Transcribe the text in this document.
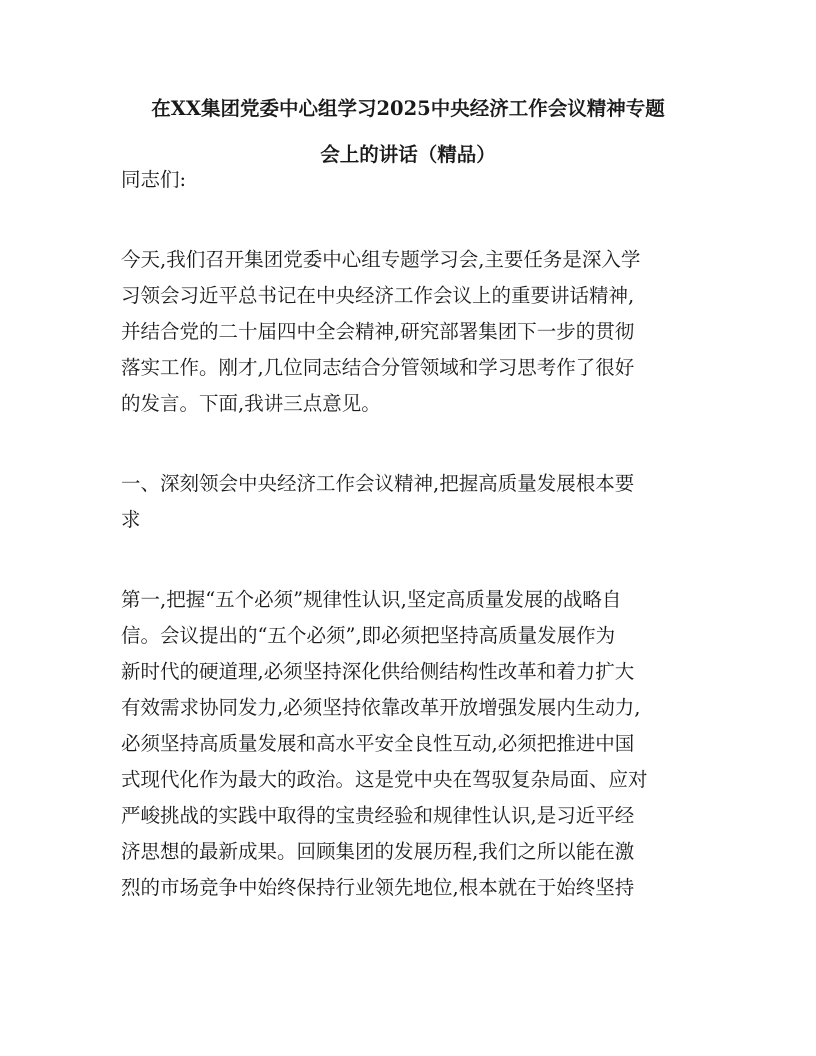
在XX集团党委中心组学习2025中央经济工作会议精神专题
会上的讲话（精品）
同志们:
今天,我们召开集团党委中心组专题学习会,主要任务是深入学
习领会习近平总书记在中央经济工作会议上的重要讲话精神,
并结合党的二十届四中全会精神,研究部署集团下一步的贯彻
落实工作。刚才,几位同志结合分管领域和学习思考作了很好
的发言。下面,我讲三点意见。
一、深刻领会中央经济工作会议精神,把握高质量发展根本要
求
第一,把握“五个必须”规律性认识,坚定高质量发展的战略自
信。会议提出的“五个必须”,即必须把坚持高质量发展作为
新时代的硬道理,必须坚持深化供给侧结构性改革和着力扩大
有效需求协同发力,必须坚持依靠改革开放增强发展内生动力,
必须坚持高质量发展和高水平安全良性互动,必须把推进中国
式现代化作为最大的政治。这是党中央在驾驭复杂局面、应对
严峻挑战的实践中取得的宝贵经验和规律性认识,是习近平经
济思想的最新成果。回顾集团的发展历程,我们之所以能在激
烈的市场竞争中始终保持行业领先地位,根本就在于始终坚持
